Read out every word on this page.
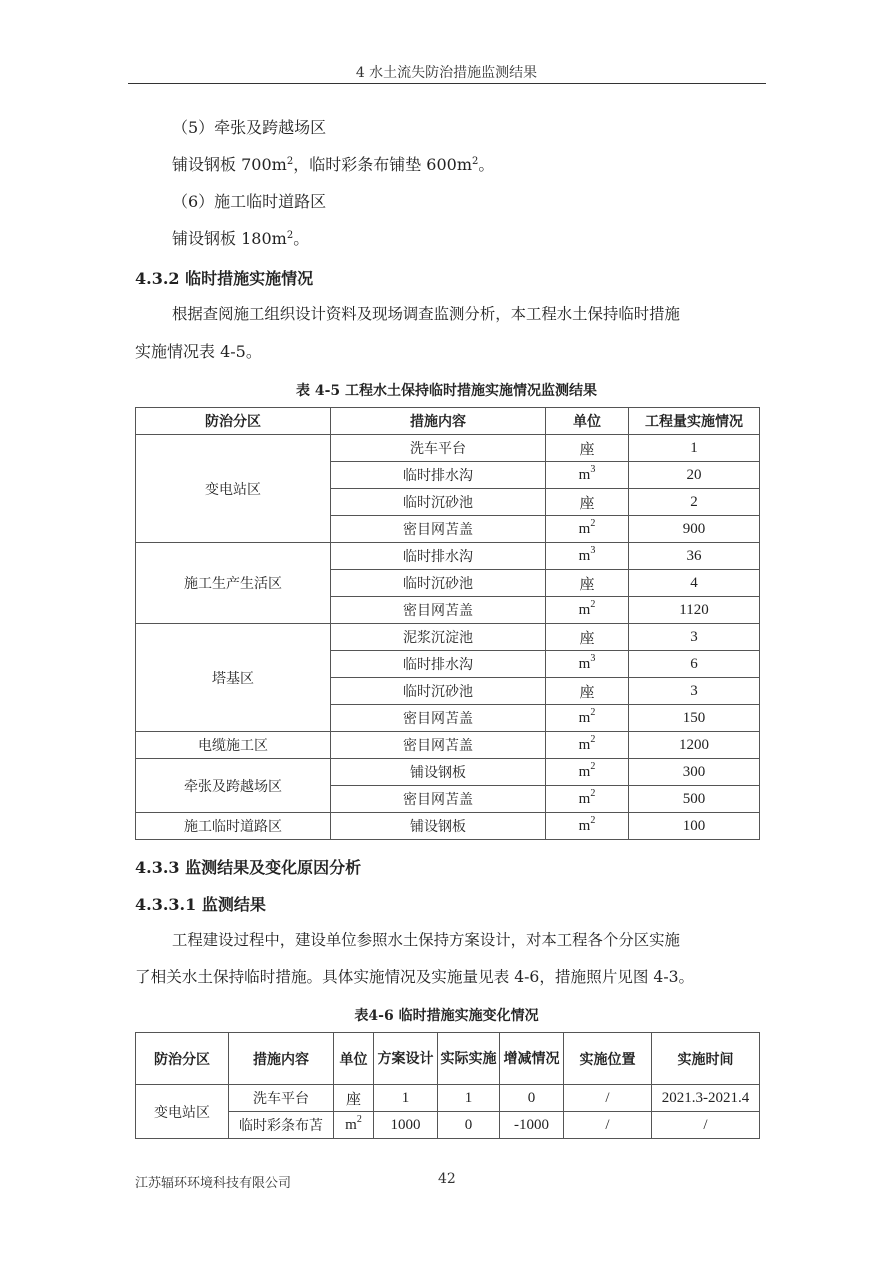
4 水土流失防治措施监测结果
（5）牵张及跨越场区
铺设钢板 $700m^2$，临时彩条布铺垫 $600m^2$。
（6）施工临时道路区
铺设钢板 $180m^2$。
4.3.2 临时措施实施情况
根据查阅施工组织设计资料及现场调查监测分析，本工程水土保持临时措施
实施情况表 4-5。
表 4-5 工程水土保持临时措施实施情况监测结果
防治分区	措施内容	单位	工程量实施情况
变电站区	洗车平台	座	1
	临时排水沟	$m^3$	20
	临时沉砂池	座	2
	密目网苫盖	$m^2$	900
施工生产生活区	临时排水沟	$m^3$	36
	临时沉砂池	座	4
	密目网苫盖	$m^2$	1120
塔基区	泥浆沉淀池	座	3
	临时排水沟	$m^3$	6
	临时沉砂池	座	3
	密目网苫盖	$m^2$	150
电缆施工区	密目网苫盖	$m^2$	1200
牵张及跨越场区	铺设钢板	$m^2$	300
	密目网苫盖	$m^2$	500
施工临时道路区	铺设钢板	$m^2$	100
4.3.3 监测结果及变化原因分析
4.3.3.1 监测结果
工程建设过程中，建设单位参照水土保持方案设计，对本工程各个分区实施
了相关水土保持临时措施。具体实施情况及实施量见表 4-6，措施照片见图 4-3。
表4-6 临时措施实施变化情况
防治分区	措施内容	单位	方案设计	实际实施	增减情况	实施位置	实施时间
变电站区	洗车平台	座	1	1	0	/	2021.3-2021.4
	临时彩条布苫	$m^2$	1000	0	-1000	/	/
江苏辐环环境科技有限公司	42
